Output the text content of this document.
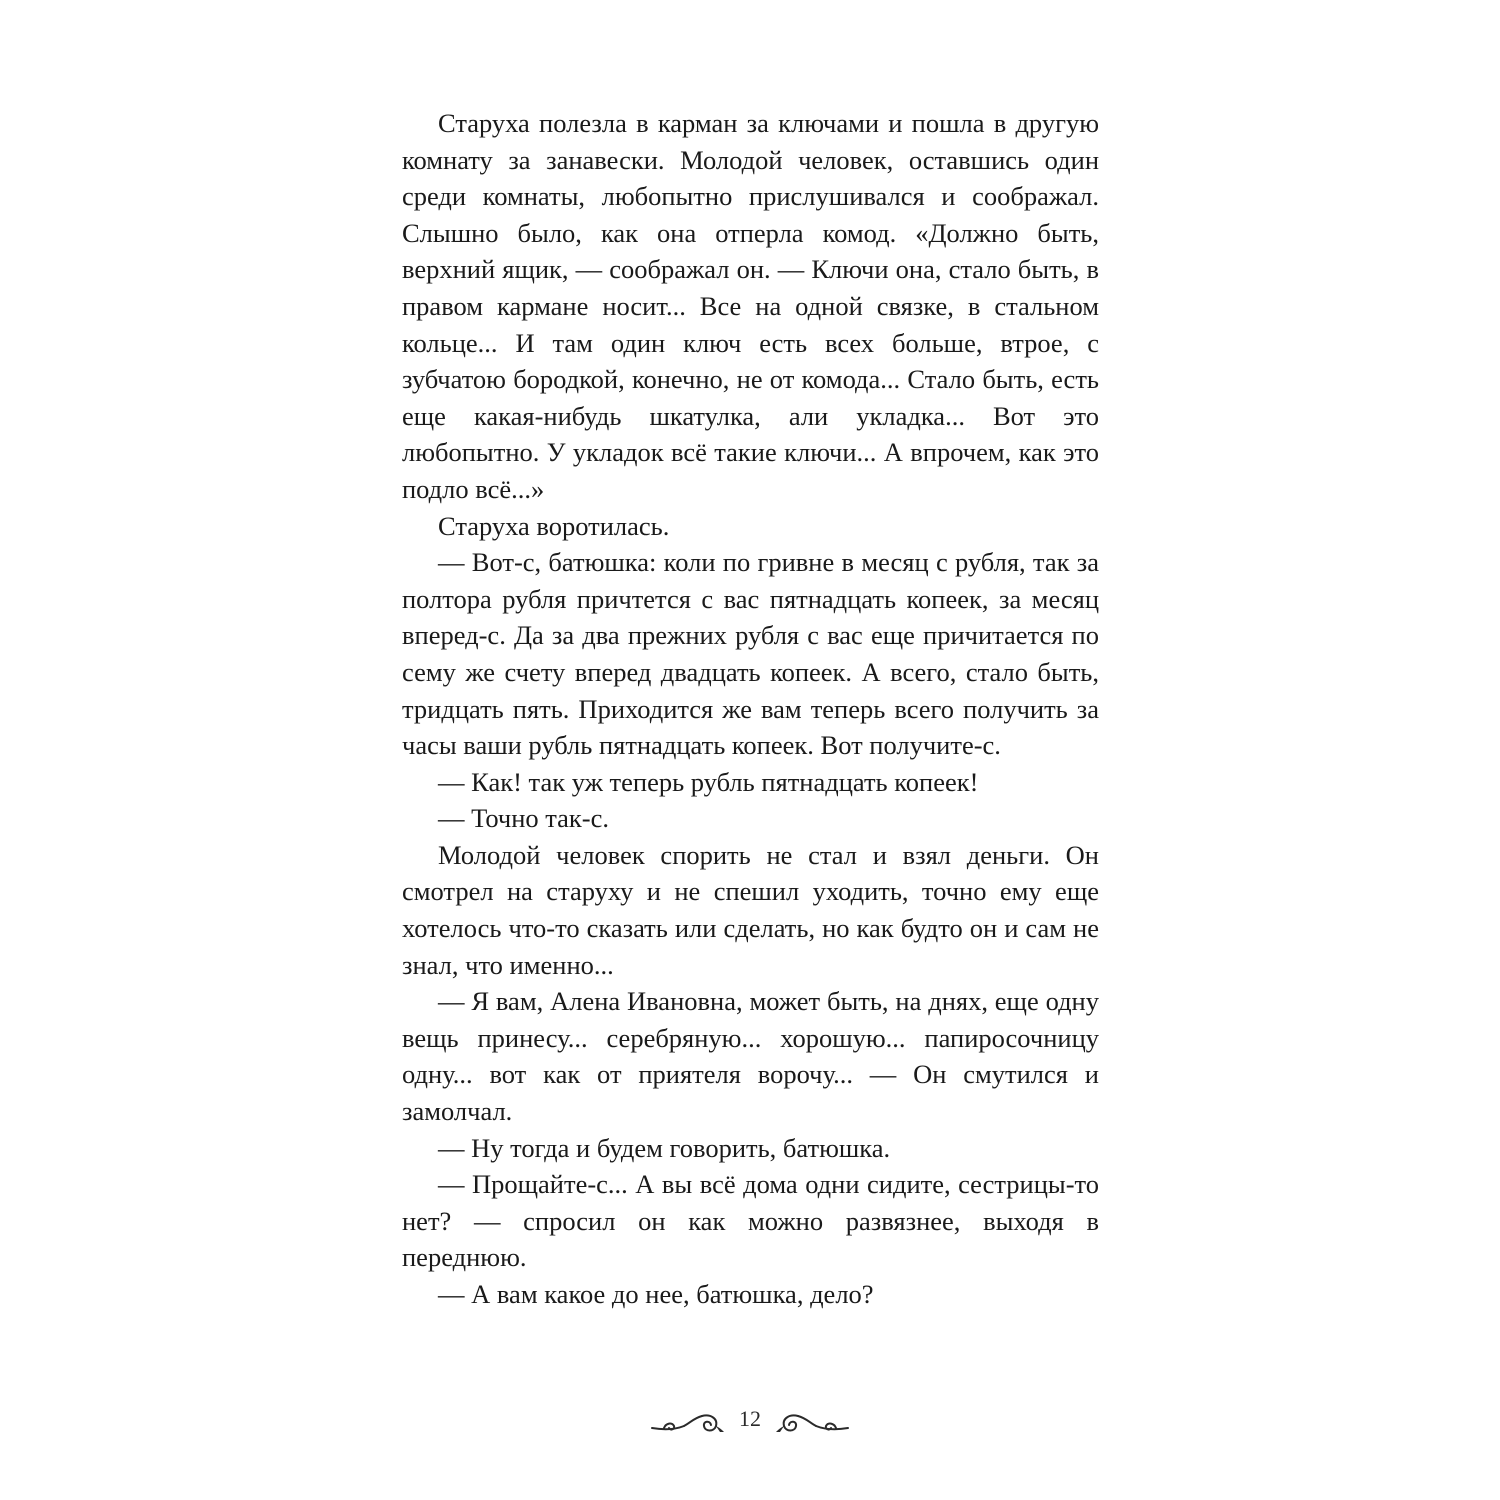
Старуха полезла в карман за ключами и пошла в другую комнату за занавески. Молодой человек, оставшись один среди комнаты, любопытно прислушивался и соображал. Слышно было, как она отперла комод. «Должно быть, верхний ящик, — соображал он. — Ключи она, стало быть, в правом кармане носит... Все на одной связке, в стальном кольце... И там один ключ есть всех больше, втрое, с зубчатою бородкой, конечно, не от комода... Стало быть, есть еще какая-нибудь шкатулка, али укладка... Вот это любопытно. У укладок всё такие ключи... А впрочем, как это подло всё...»

Старуха воротилась.

— Вот-с, батюшка: коли по гривне в месяц с рубля, так за полтора рубля причтется с вас пятнадцать копеек, за месяц вперед-с. Да за два прежних рубля с вас еще причитается по сему же счету вперед двадцать копеек. А всего, стало быть, тридцать пять. Приходится же вам теперь всего получить за часы ваши рубль пятнадцать копеек. Вот получите-с.

— Как! так уж теперь рубль пятнадцать копеек!

— Точно так-с.

Молодой человек спорить не стал и взял деньги. Он смотрел на старуху и не спешил уходить, точно ему еще хотелось что-то сказать или сделать, но как будто он и сам не знал, что именно...

— Я вам, Алена Ивановна, может быть, на днях, еще одну вещь принесу... серебряную... хорошую... папиросочницу одну... вот как от приятеля ворочу... — Он смутился и замолчал.

— Ну тогда и будем говорить, батюшка.

— Прощайте-с... А вы всё дома одни сидите, сестрицы-то нет? — спросил он как можно развязнее, выходя в переднюю.

— А вам какое до нее, батюшка, дело?

12
